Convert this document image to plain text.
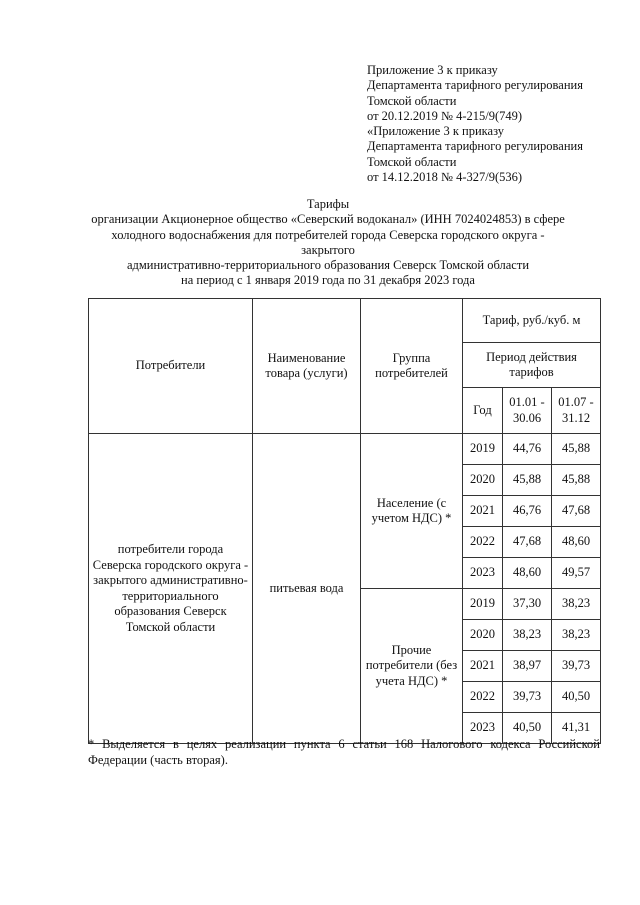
Приложение 3 к приказу
Департамента тарифного регулирования
Томской области
от 20.12.2019 № 4-215/9(749)
«Приложение 3 к приказу
Департамента тарифного регулирования
Томской области
от 14.12.2018 № 4-327/9(536)
Тарифы
организации Акционерное общество «Северский водоканал» (ИНН 7024024853) в сфере
холодного водоснабжения для потребителей города Северска городского округа -
закрытого
административно-территориального образования Северск Томской области
на период с 1 января 2019 года по 31 декабря 2023 года
Потребители	Наименование товара (услуги)	Группа потребителей	Тариф, руб./куб. м		
			Период действия тарифов		
			Год	01.01 - 30.06	01.07 - 31.12
потребители города Северска городского округа - закрытого административно-территориального образования Северск Томской области	питьевая вода	Население (с учетом НДС) *	2019	44,76	45,88
			2020	45,88	45,88
			2021	46,76	47,68
			2022	47,68	48,60
			2023	48,60	49,57
		Прочие потребители (без учета НДС) *	2019	37,30	38,23
			2020	38,23	38,23
			2021	38,97	39,73
			2022	39,73	40,50
			2023	40,50	41,31
* Выделяется в целях реализации пункта 6 статьи 168 Налогового кодекса Российской
Федерации (часть вторая).
